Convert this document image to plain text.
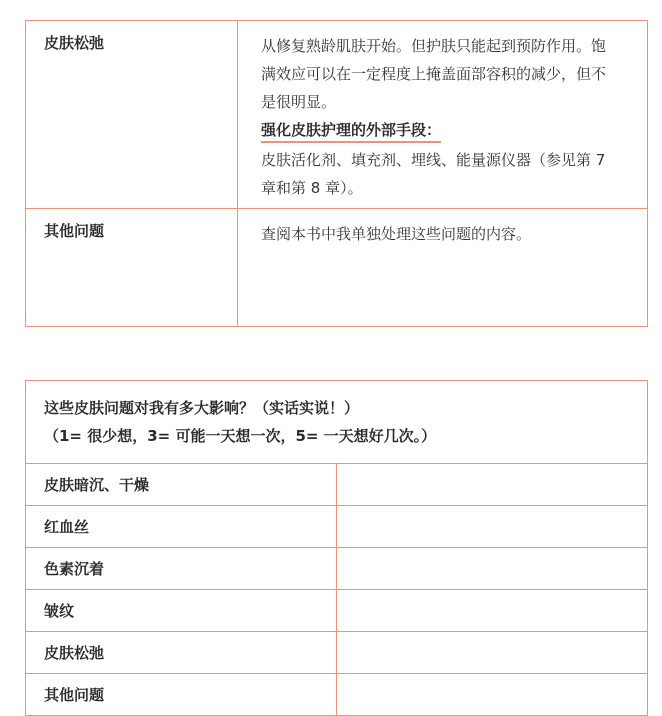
皮肤松弛	从修复熟龄肌肤开始。但护肤只能起到预防作用。饱满效应可以在一定程度上掩盖面部容积的减少，但不是很明显。
强化皮肤护理的外部手段：
皮肤活化剂、填充剂、埋线、能量源仪器（参见第 7 章和第 8 章）。

其他问题	查阅本书中我单独处理这些问题的内容。
这些皮肤问题对我有多大影响？（实话实说！）
（1= 很少想，3= 可能一天想一次，5= 一天想好几次。）	

皮肤暗沉、干燥	
红血丝	
色素沉着	
皱纹	
皮肤松弛	
其他问题	
